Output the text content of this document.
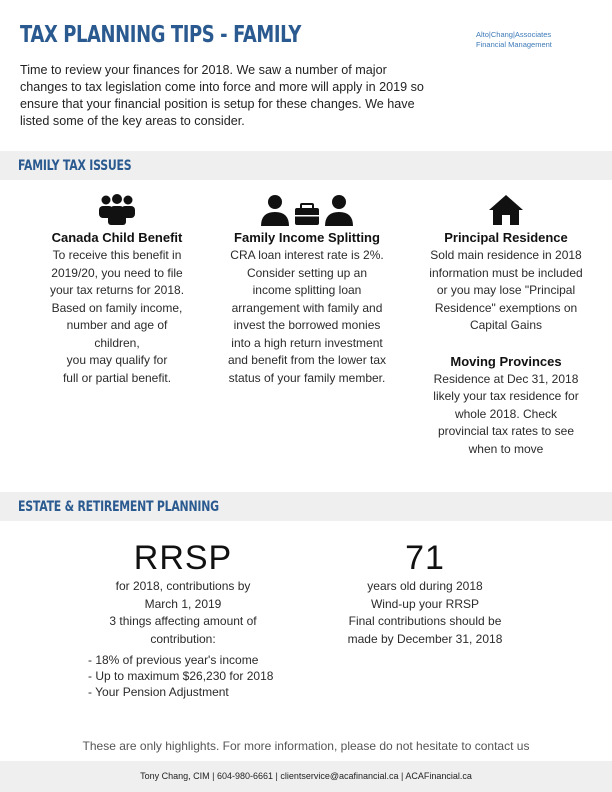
TAX PLANNING TIPS - FAMILY	Alto|Chang|Associates
Financial Management

Time to review your finances for 2018. We saw a number of major changes to tax legislation come into force and more will apply in 2019 so ensure that your financial position is setup for these changes. We have listed some of the key areas to consider.

FAMILY TAX ISSUES
Canada Child Benefit

To receive this benefit in

2019/20, you need to file

your tax returns for 2018.

Based on family income,

number and age of

children,

you may qualify for

full or partial benefit.

Family Income Splitting

CRA loan interest rate is 2%.

Consider setting up an

income splitting loan

arrangement with family and

invest the borrowed monies

into a high return investment

and benefit from the lower tax

status of your family member.

Principal Residence

Sold main residence in 2018

information must be included

or you may lose "Principal

Residence" exemptions on

Capital Gains

Moving Provinces

Residence at Dec 31, 2018

likely your tax residence for

whole 2018. Check

provincial tax rates to see

when to move

ESTATE & RETIREMENT PLANNING
RRSP

for 2018, contributions by

March 1, 2019

3 things affecting amount of

contribution:

- 18% of previous year's income
- Up to maximum $26,230 for 2018
- Your Pension Adjustment
71

years old during 2018

Wind-up your RRSP

Final contributions should be

made by December 31, 2018

These are only highlights. For more information, please do not hesitate to contact us
Tony Chang, CIM | 604-980-6661 | clientservice@acafinancial.ca | ACAFinancial.ca
